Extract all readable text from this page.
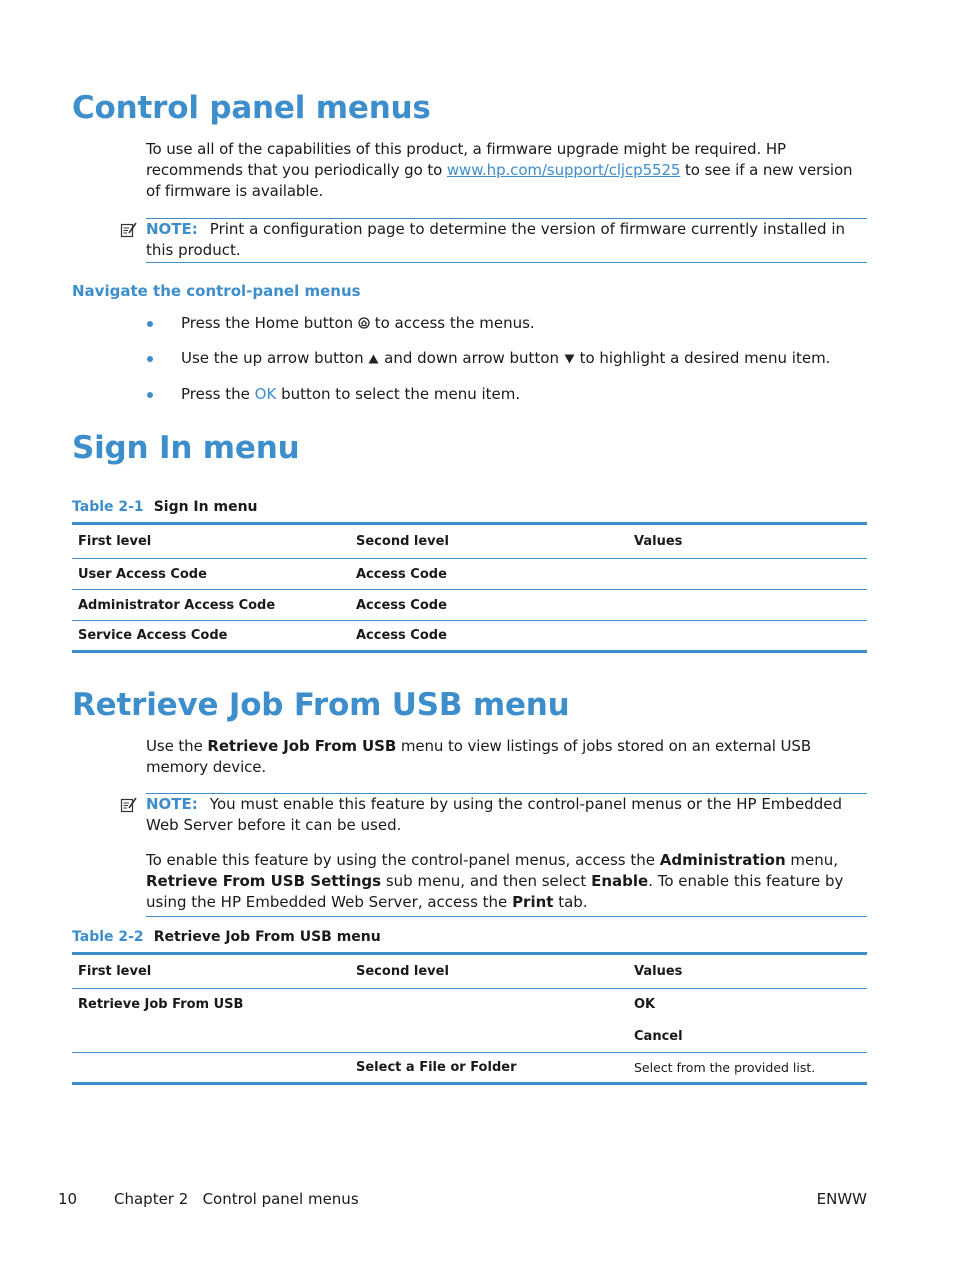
Control panel menus
To use all of the capabilities of this product, a firmware upgrade might be required. HP recommends that you periodically go to www.hp.com/support/cljcp5525 to see if a new version of firmware is available.
NOTE: Print a configuration page to determine the version of firmware currently installed in this product.
Navigate the control-panel menus
Press the Home button to access the menus.
Use the up arrow button and down arrow button to highlight a desired menu item.
Press the OK button to select the menu item.
Sign In menu
Table 2-1 Sign In menu
First level	Second level	Values
User Access Code	Access Code	
Administrator Access Code	Access Code	
Service Access Code	Access Code	
Retrieve Job From USB menu
Use the Retrieve Job From USB menu to view listings of jobs stored on an external USB memory device.
NOTE: You must enable this feature by using the control-panel menus or the HP Embedded Web Server before it can be used.
To enable this feature by using the control-panel menus, access the Administration menu, Retrieve From USB Settings sub menu, and then select Enable. To enable this feature by using the HP Embedded Web Server, access the Print tab.
Table 2-2 Retrieve Job From USB menu
First level	Second level	Values
Retrieve Job From USB		OK
		Cancel
	Select a File or Folder	Select from the provided list.
10 Chapter 2   Control panel menus	ENWW
